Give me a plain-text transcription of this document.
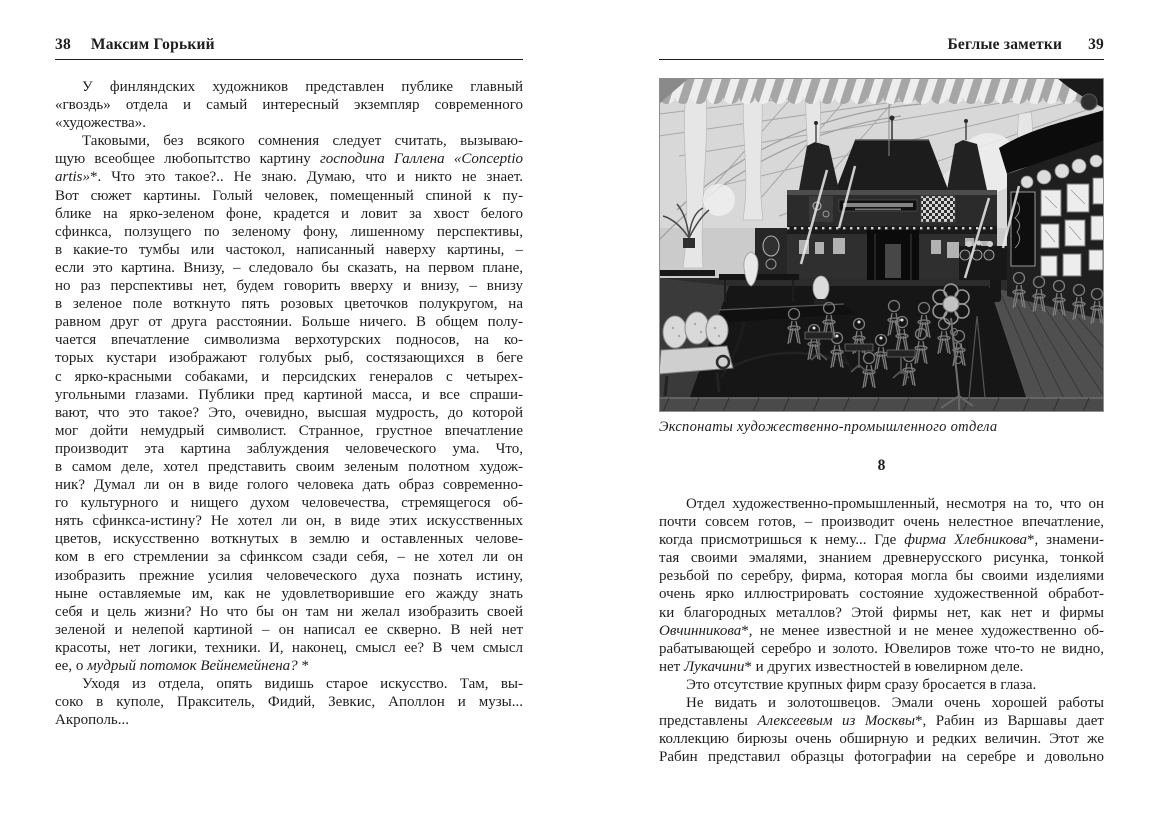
38 Максим Горький
У финляндских художников представлен публике главный
«гвоздь» отдела и самый интересный экземпляр современного
«художества».
Таковыми, без всякого сомнения следует считать, вызываю-
щую всеобщее любопытство картину господина Галлена «Conceptio
artis»*. Что это такое?.. Не знаю. Думаю, что и никто не знает.
Вот сюжет картины. Голый человек, помещенный спиной к пу-
блике на ярко-зеленом фоне, крадется и ловит за хвост белого
сфинкса, ползущего по зеленому фону, лишенному перспективы,
в какие-то тумбы или частокол, написанный наверху картины, –
если это картина. Внизу, – следовало бы сказать, на первом плане,
но раз перспективы нет, будем говорить вверху и внизу, – внизу
в зеленое поле воткнуто пять розовых цветочков полукругом, на
равном друг от друга расстоянии. Больше ничего. В общем полу-
чается впечатление символизма верхотурских подносов, на ко-
торых кустари изображают голубых рыб, состязающихся в беге
с ярко-красными собаками, и персидских генералов с четырех-
угольными глазами. Публики пред картиной масса, и все спраши-
вают, что это такое? Это, очевидно, высшая мудрость, до которой
мог дойти немудрый символист. Странное, грустное впечатление
производит эта картина заблуждения человеческого ума. Что,
в самом деле, хотел представить своим зеленым полотном худож-
ник? Думал ли он в виде голого человека дать образ современно-
го культурного и нищего духом человечества, стремящегося об-
нять сфинкса-истину? Не хотел ли он, в виде этих искусственных
цветов, искусственно воткнутых в землю и оставленных челове-
ком в его стремлении за сфинксом сзади себя, – не хотел ли он
изобразить прежние усилия человеческого духа познать истину,
ныне оставляемые им, как не удовлетворившие его жажду знать
себя и цель жизни? Но что бы он там ни желал изобразить своей
зеленой и нелепой картиной – он написал ее скверно. В ней нет
красоты, нет логики, техники. И, наконец, смысл ее? В чем смысл
ее, о мудрый потомок Вейнемейнена? *
Уходя из отдела, опять видишь старое искусство. Там, вы-
соко в куполе, Пракситель, Фидий, Зевкис, Аполлон и музы...
Акрополь...
Беглые заметки 39
Экспонаты художественно-промышленного отдела
8
Отдел художественно-промышленный, несмотря на то, что он
почти совсем готов, – производит очень нелестное впечатление,
когда присмотришься к нему... Где фирма Хлебникова*, знамени-
тая своими эмалями, знанием древнерусского рисунка, тонкой
резьбой по серебру, фирма, которая могла бы своими изделиями
очень ярко иллюстрировать состояние художественной обработ-
ки благородных металлов? Этой фирмы нет, как нет и фирмы
Овчинникова*, не менее известной и не менее художественно об-
рабатывающей серебро и золото. Ювелиров тоже что-то не видно,
нет Лукачини* и других известностей в ювелирном деле.
Это отсутствие крупных фирм сразу бросается в глаза.
Не видать и золотошвецов. Эмали очень хорошей работы
представлены Алексеевым из Москвы*, Рабин из Варшавы дает
коллекцию бирюзы очень обширную и редких величин. Этот же
Рабин представил образцы фотографии на серебре и довольно
